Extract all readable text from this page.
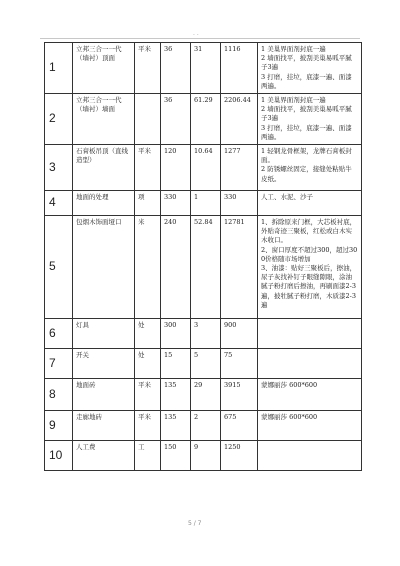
. .
1	立邦三合一一代（墙衬）顶面	平米	36	31	1116	1 美巢界面剂封底一遍
2 墙面找平，披刮美巢易呱平腻子3遍
3 打磨，挂垃，底漆一遍、面漆两遍。
2	立邦三合一一代（墙衬）墙面		36	61.29	2206.44	1 美巢界面剂封底一遍
2 墙面找平，披刮美巢易呱平腻子3遍
3 打磨，挂垃，底漆一遍、面漆两遍。
3	石膏板吊顶（直线造型）	平米	120	10.64	1277	1 轻钢龙骨框架，龙牌石膏板封面。
2 防锈螺丝固定，接缝处粘贴牛皮纸。
4	地面的处理	项	330	1	330	人工、水泥、沙子
5	包烟木饰面垭口	米	240	52.84	12781	1、拆除原来门框，大芯板衬底，外贴奇迹三聚板，红松或白木实木收口。
2、窗口厚度不超过300，超过300价格随市场增加
3、油漆：贴好三聚板后，擦油，尿子灰找补钉子眼缝隙眼，涂油腻子粉打磨后擦油，再刷面漆2-3遍，披牡腻子粉打磨，木质漆2-3遍
6	灯具	处	300	3	900	
7	开关	处	15	5	75	
8	地面砖	平米	135	29	3915	蒙娜丽莎 600*600
9	走廊地砖	平米	135	2	675	蒙娜丽莎 600*600
10	人工费	工	150	9	1250	
5 / 7
